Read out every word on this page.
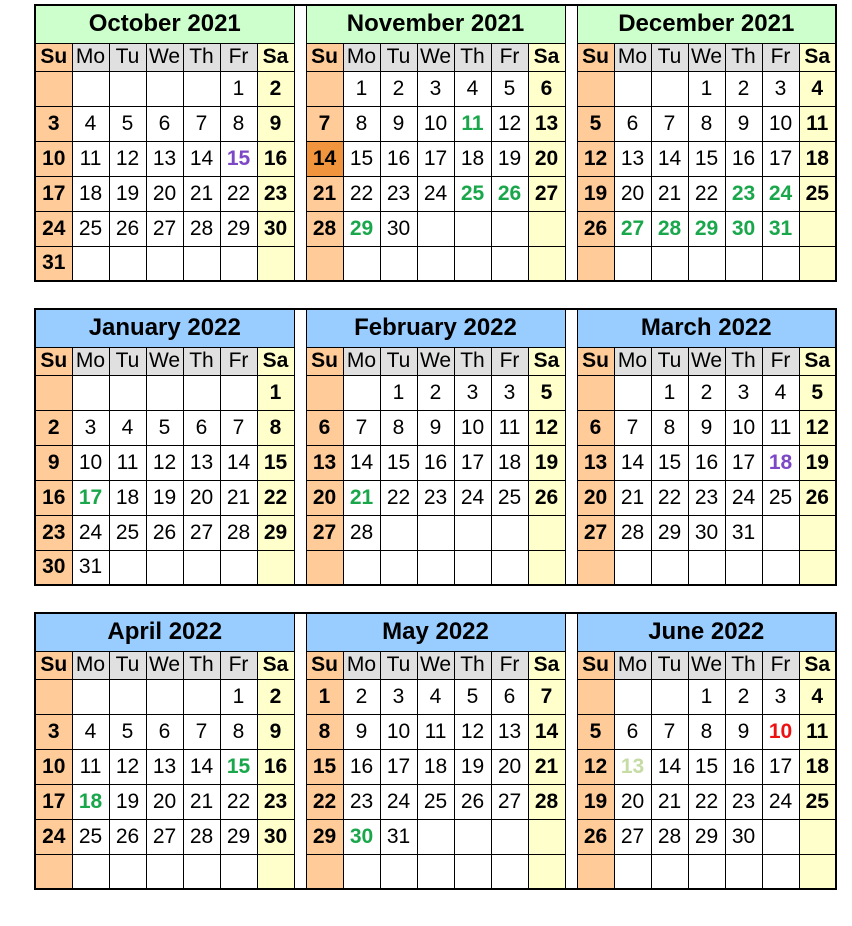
October 2021								November 2021								December 2021						
Su	Mo	Tu	We	Th	Fr	Sa		Su	Mo	Tu	We	Th	Fr	Sa		Su	Mo	Tu	We	Th	Fr	Sa
					1	2			1	2	3	4	5	6					1	2	3	4
3	4	5	6	7	8	9		7	8	9	10	11	12	13		5	6	7	8	9	10	11
10	11	12	13	14	15	16		14	15	16	17	18	19	20		12	13	14	15	16	17	18
17	18	19	20	21	22	23		21	22	23	24	25	26	27		19	20	21	22	23	24	25
24	25	26	27	28	29	30		28	29	30						26	27	28	29	30	31	
31																						
January 2022								February 2022								March 2022						
Su	Mo	Tu	We	Th	Fr	Sa		Su	Mo	Tu	We	Th	Fr	Sa		Su	Mo	Tu	We	Th	Fr	Sa
						1				1	2	3	3	5				1	2	3	4	5
2	3	4	5	6	7	8		6	7	8	9	10	11	12		6	7	8	9	10	11	12
9	10	11	12	13	14	15		13	14	15	16	17	18	19		13	14	15	16	17	18	19
16	17	18	19	20	21	22		20	21	22	23	24	25	26		20	21	22	23	24	25	26
23	24	25	26	27	28	29		27	28							27	28	29	30	31		
30	31																					
April 2022								May 2022								June 2022						
Su	Mo	Tu	We	Th	Fr	Sa		Su	Mo	Tu	We	Th	Fr	Sa		Su	Mo	Tu	We	Th	Fr	Sa
					1	2		1	2	3	4	5	6	7					1	2	3	4
3	4	5	6	7	8	9		8	9	10	11	12	13	14		5	6	7	8	9	10	11
10	11	12	13	14	15	16		15	16	17	18	19	20	21		12	13	14	15	16	17	18
17	18	19	20	21	22	23		22	23	24	25	26	27	28		19	20	21	22	23	24	25
24	25	26	27	28	29	30		29	30	31						26	27	28	29	30		
